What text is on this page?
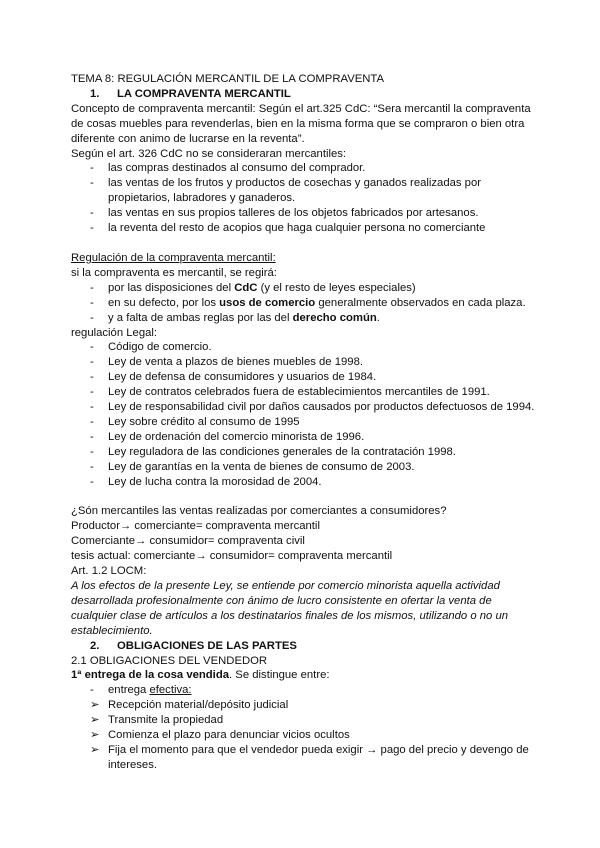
TEMA 8: REGULACIÓN MERCANTIL DE LA COMPRAVENTA
1. LA COMPRAVENTA MERCANTIL
Concepto de compraventa mercantil: Según el art.325 CdC: “Sera mercantil la compraventa
de cosas muebles para revenderlas, bien en la misma forma que se compraron o bien otra
diferente con animo de lucrarse en la reventa”.
Según el art. 326 CdC no se consideraran mercantiles:
-	las compras destinados al consumo del comprador.
-	las ventas de los frutos y productos de cosechas y ganados realizadas por
propietarios, labradores y ganaderos.
-	las ventas en sus propios talleres de los objetos fabricados por artesanos.
-	la reventa del resto de acopios que haga cualquier persona no comerciante
Regulación de la compraventa mercantil:
si la compraventa es mercantil, se regirá:
-	por las disposiciones del CdC (y el resto de leyes especiales)
-	en su defecto, por los usos de comercio generalmente observados en cada plaza.
-	y a falta de ambas reglas por las del derecho común.
regulación Legal:
-	Código de comercio.
-	Ley de venta a plazos de bienes muebles de 1998.
-	Ley de defensa de consumidores y usuarios de 1984.
-	Ley de contratos celebrados fuera de establecimientos mercantiles de 1991.
-	Ley de responsabilidad civil por daños causados por productos defectuosos de 1994.
-	Ley sobre crédito al consumo de 1995
-	Ley de ordenación del comercio minorista de 1996.
-	Ley reguladora de las condiciones generales de la contratación 1998.
-	Ley de garantías en la venta de bienes de consumo de 2003.
-	Ley de lucha contra la morosidad de 2004.
¿Són mercantiles las ventas realizadas por comerciantes a consumidores?
Productor→ comerciante= compraventa mercantil
Comerciante→ consumidor= compraventa civil
tesis actual: comerciante→ consumidor= compraventa mercantil
Art. 1.2 LOCM:
A los efectos de la presente Ley, se entiende por comercio minorista aquella actividad
desarrollada profesionalmente con ánimo de lucro consistente en ofertar la venta de
cualquier clase de artículos a los destinatarios finales de los mismos, utilizando o no un
establecimiento.
2. OBLIGACIONES DE LAS PARTES
2.1 OBLIGACIONES DEL VENDEDOR
1ª entrega de la cosa vendida. Se distingue entre:
-	entrega efectiva:
➢ Recepción material/depósito judicial
➢ Transmite la propiedad
➢ Comienza el plazo para denunciar vicios ocultos
➢ Fija el momento para que el vendedor pueda exigir → pago del precio y devengo de
intereses.
